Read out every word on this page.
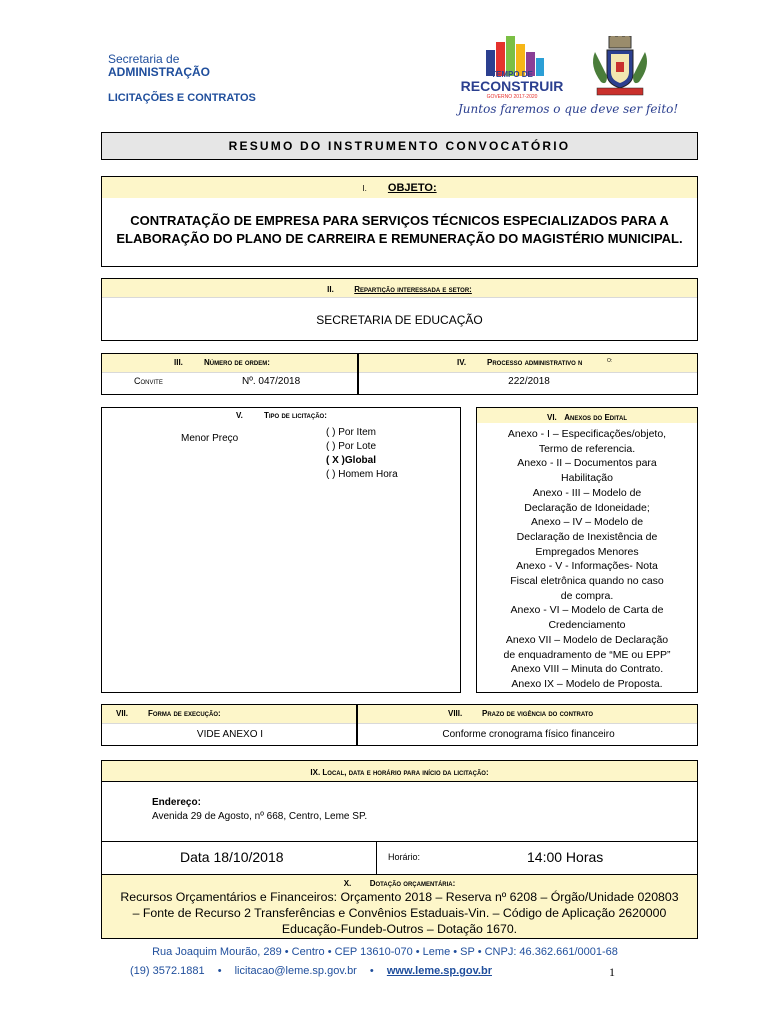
Secretaria de
ADMINISTRAÇÃO
LICITAÇÕES E CONTRATOS
TEMPO DE
RECONSTRUIR
GOVERNO 2017-2020
Juntos faremos o que deve ser feito!
RESUMO DO INSTRUMENTO CONVOCATÓRIO
I. OBJETO:
CONTRATAÇÃO DE EMPRESA PARA SERVIÇOS TÉCNICOS ESPECIALIZADOS PARA A
ELABORAÇÃO DO PLANO DE CARREIRA E REMUNERAÇÃO DO MAGISTÉRIO MUNICIPAL.
II.	Repartição interessada e setor:
SECRETARIA DE EDUCAÇÃO
III.	Número de ordem:
Convite	Nº. 047/2018
IV.	Processo administrativo n	O:
222/2018
V.	Tipo de licitação:
Menor Preço
( ) Por Item
( ) Por Lote
( X )Global
( ) Homem Hora
VI. Anexos do Edital
Anexo - I – Especificações/objeto,
Termo de referencia.
Anexo - II – Documentos para
Habilitação
Anexo - III – Modelo de
Declaração de Idoneidade;
Anexo – IV – Modelo de
Declaração de Inexistência de
Empregados Menores
Anexo - V - Informações- Nota
Fiscal eletrônica quando no caso
de compra.
Anexo - VI – Modelo de Carta de
Credenciamento
Anexo VII – Modelo de Declaração
de enquadramento de “ME ou EPP”
Anexo VIII – Minuta do Contrato.
Anexo IX – Modelo de Proposta.
VII. Forma de execução:
VIDE ANEXO I
VIII. Prazo de vigência do contrato
Conforme cronograma físico financeiro
IX. Local, data e horário para início da licitação:
Endereço:
Avenida 29 de Agosto, nº 668, Centro, Leme SP.
Data 18/10/2018	Horário:	14:00 Horas
X. Dotação orçamentária:
Recursos Orçamentários e Financeiros: Orçamento 2018 – Reserva nº 6208 – Órgão/Unidade 020803
– Fonte de Recurso 2 Transferências e Convênios Estaduais-Vin. – Código de Aplicação 2620000
Educação-Fundeb-Outros – Dotação 1670.
Rua Joaquim Mourão, 289 • Centro • CEP 13610-070 • Leme • SP • CNPJ: 46.362.661/0001-68
(19) 3572.1881 • licitacao@leme.sp.gov.br • www.leme.sp.gov.br	1
